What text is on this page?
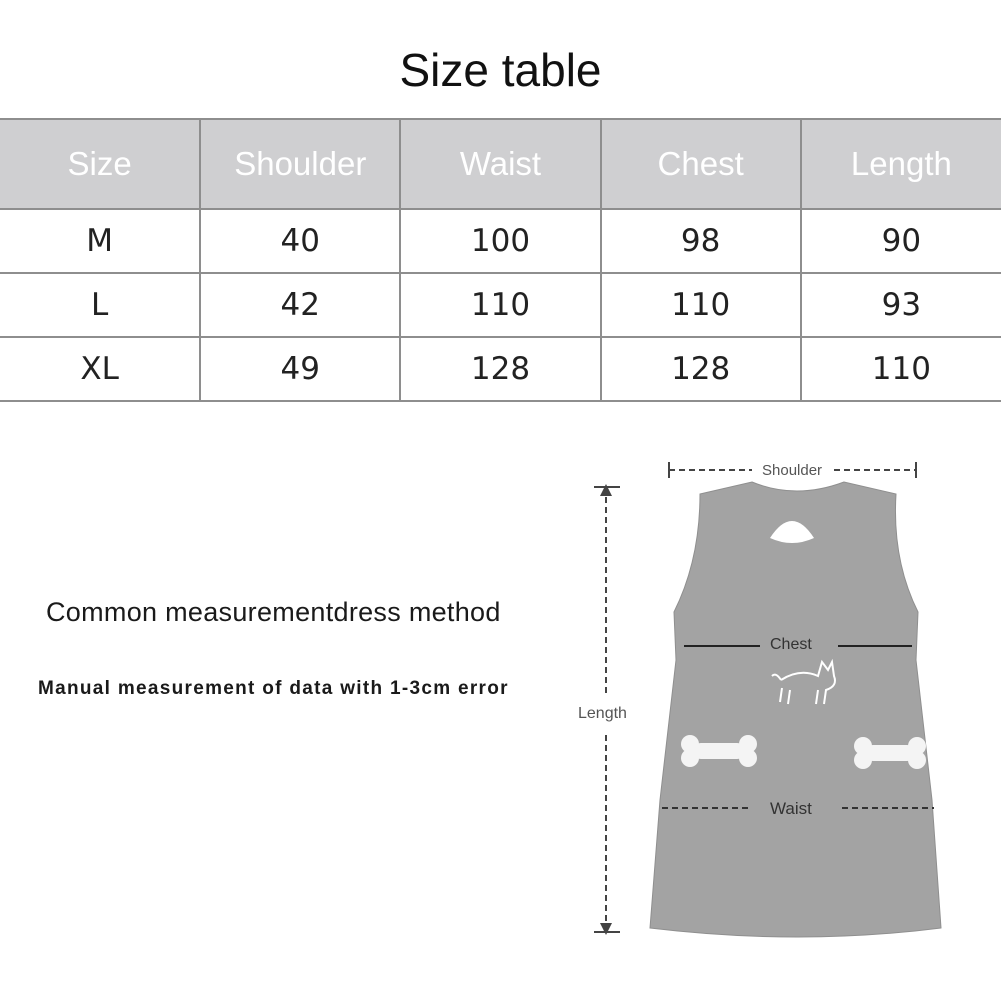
Size table
Size	Shoulder	Waist	Chest	Length
M	40	100	98	90
L	42	110	110	93
XL	49	128	128	110
Common measurementdress method
Manual measurement of data with 1-3cm error
Shoulder
Chest
Length
Waist
